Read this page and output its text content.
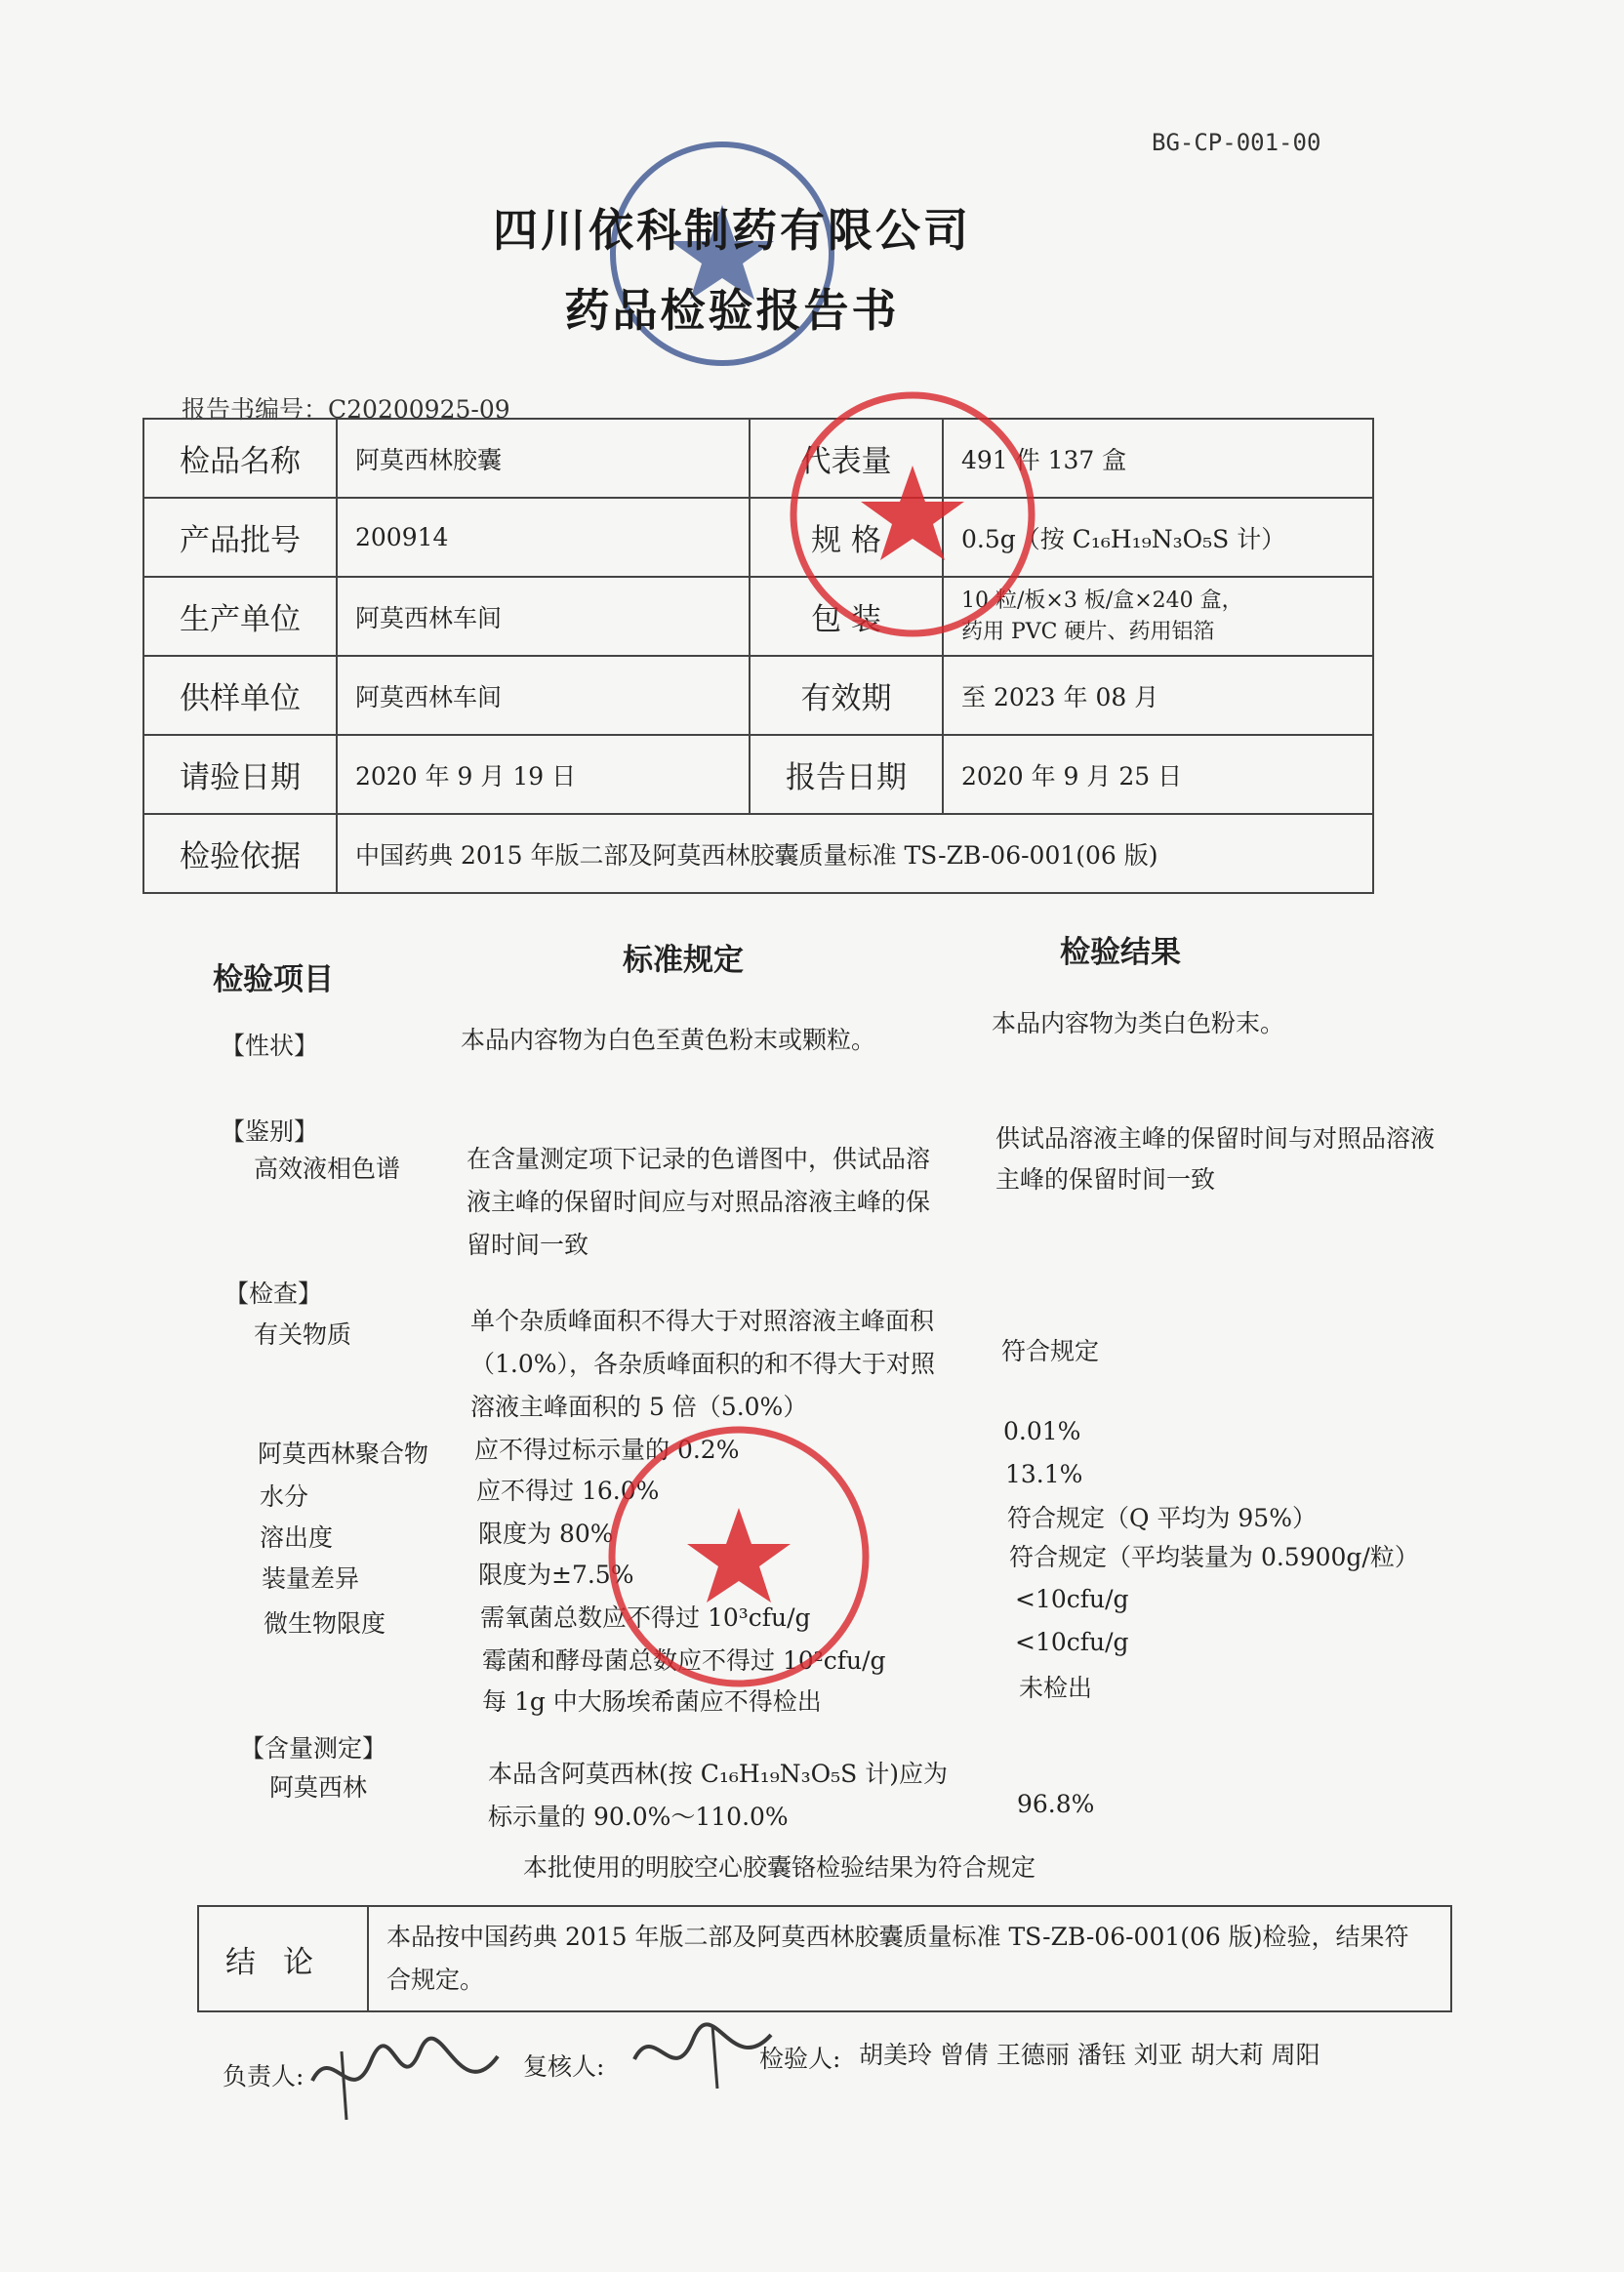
BG-CP-001-00
四川依科制药有限公司
药品检验报告书
报告书编号：C20200925-09
检品名称	阿莫西林胶囊	代表量	491 件 137 盒
产品批号	200914	规 格	0.5g（按 C₁₆H₁₉N₃O₅S 计）
生产单位	阿莫西林车间	包 装	10 粒/板×3 板/盒×240 盒，
药用 PVC 硬片、药用铝箔

供样单位	阿莫西林车间	有效期	至 2023 年 08 月
请验日期	2020 年 9 月 19 日	报告日期	2020 年 9 月 25 日
检验依据	中国药典 2015 年版二部及阿莫西林胶囊质量标准 TS-ZB-06-001(06 版)		
检验项目
标准规定	检验结果
【性状】	本品内容物为白色至黄色粉末或颗粒。
本品内容物为类白色粉末。
【鉴别】
高效液相色谱	在含量测定项下记录的色谱图中，供试品溶液主峰的保留时间应与对照品溶液主峰的保留时间一致
供试品溶液主峰的保留时间与对照品溶液主峰的保留时间一致
【检查】
有关物质	单个杂质峰面积不得大于对照溶液主峰面积（1.0%），各杂质峰面积的和不得大于对照溶液主峰面积的 5 倍（5.0%）
符合规定
阿莫西林聚合物 应不得过标示量的 0.2%
0.01%
水分	应不得过 16.0%
13.1%
溶出度	限度为 80%
符合规定（Q 平均为 95%）
装量差异	限度为±7.5%
符合规定（平均装量为 0.5900g/粒）
微生物限度	需氧菌总数应不得过 10³cfu/g
<10cfu/g
霉菌和酵母菌总数应不得过 10²cfu/g
<10cfu/g
每 1g 中大肠埃希菌应不得检出	未检出
【含量测定】
阿莫西林	本品含阿莫西林(按 C₁₆H₁₉N₃O₅S 计)应为
标示量的 90.0%～110.0%	96.8%
本批使用的明胶空心胶囊铬检验结果为符合规定
结论	本品按中国药典 2015 年版二部及阿莫西林胶囊质量标准 TS-ZB-06-001(06 版)检验，结果符合规定。
负责人:	复核人:	检验人: 胡美玲 曾倩 王德丽 潘钰 刘亚 胡大莉 周阳
